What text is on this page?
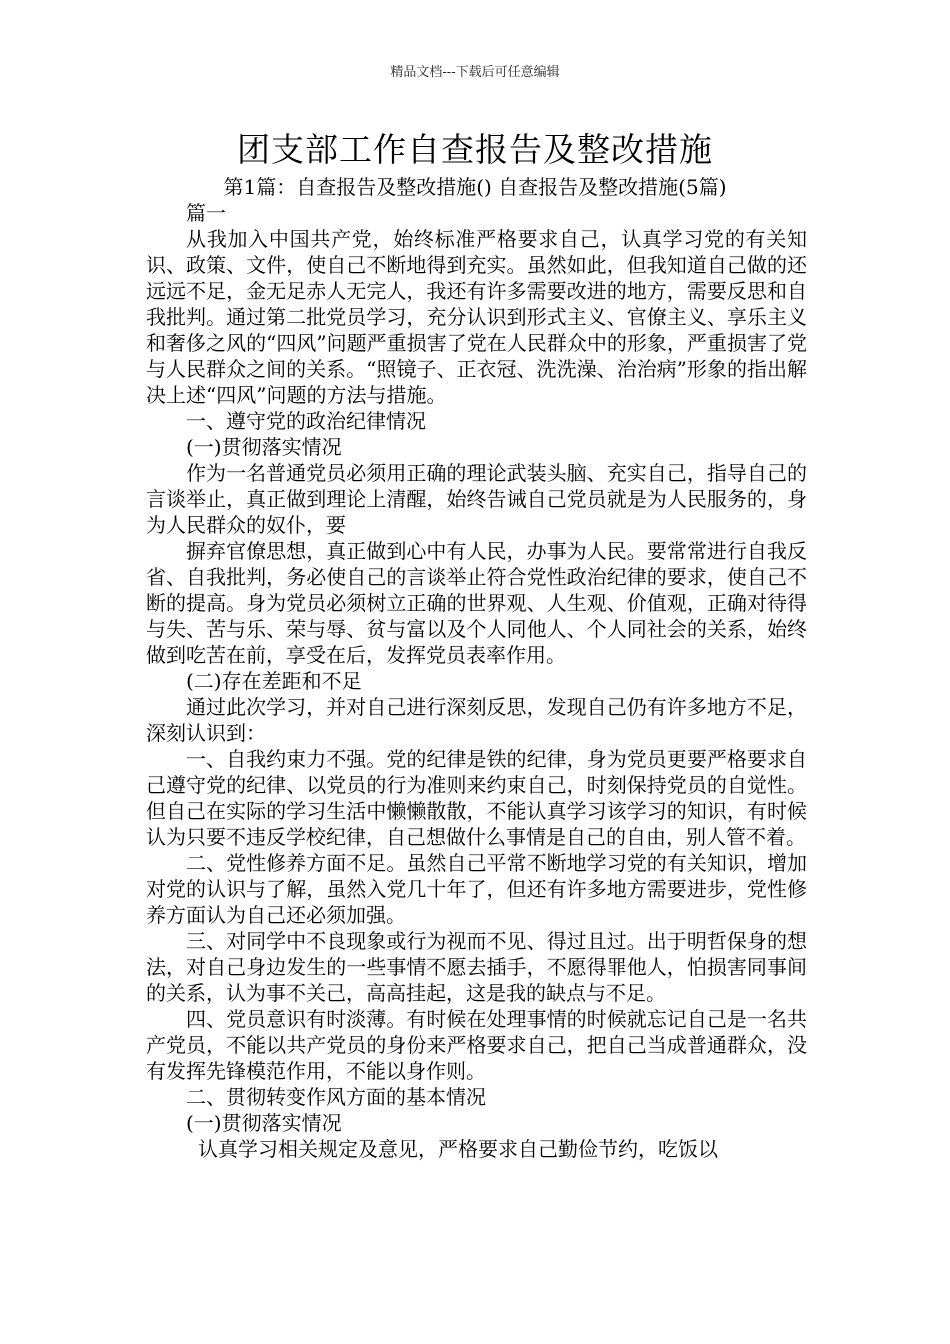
精品文档---下载后可任意编辑
团支部工作自查报告及整改措施
第1篇：自查报告及整改措施() 自查报告及整改措施(5篇)

篇一

从我加入中国共产党，始终标准严格要求自己，认真学习党的有关知识、政策、文件，使自己不断地得到充实。虽然如此，但我知道自己做的还远远不足，金无足赤人无完人，我还有许多需要改进的地方，需要反思和自我批判。通过第二批党员学习，充分认识到形式主义、官僚主义、享乐主义和奢侈之风的“四风”问题严重损害了党在人民群众中的形象，严重损害了党与人民群众之间的关系。“照镜子、正衣冠、洗洗澡、治治病”形象的指出解决上述“四风”问题的方法与措施。

一、遵守党的政治纪律情况

(一)贯彻落实情况

作为一名普通党员必须用正确的理论武装头脑、充实自己，指导自己的言谈举止，真正做到理论上清醒，始终告诫自己党员就是为人民服务的，身为人民群众的奴仆，要

摒弃官僚思想，真正做到心中有人民，办事为人民。要常常进行自我反省、自我批判，务必使自己的言谈举止符合党性政治纪律的要求，使自己不断的提高。身为党员必须树立正确的世界观、人生观、价值观，正确对待得与失、苦与乐、荣与辱、贫与富以及个人同他人、个人同社会的关系，始终做到吃苦在前，享受在后，发挥党员表率作用。

(二)存在差距和不足

通过此次学习，并对自己进行深刻反思，发现自己仍有许多地方不足，深刻认识到：

一、自我约束力不强。党的纪律是铁的纪律，身为党员更要严格要求自己遵守党的纪律、以党员的行为准则来约束自己，时刻保持党员的自觉性。但自己在实际的学习生活中懒懒散散，不能认真学习该学习的知识，有时候认为只要不违反学校纪律，自己想做什么事情是自己的自由，别人管不着。

二、党性修养方面不足。虽然自己平常不断地学习党的有关知识，增加对党的认识与了解，虽然入党几十年了，但还有许多地方需要进步，党性修养方面认为自己还必须加强。

三、对同学中不良现象或行为视而不见、得过且过。出于明哲保身的想法，对自己身边发生的一些事情不愿去插手，不愿得罪他人，怕损害同事间的关系，认为事不关己，高高挂起，这是我的缺点与不足。

四、党员意识有时淡薄。有时候在处理事情的时候就忘记自己是一名共产党员，不能以共产党员的身份来严格要求自己，把自己当成普通群众，没有发挥先锋模范作用，不能以身作则。

二、贯彻转变作风方面的基本情况

(一)贯彻落实情况

认真学习相关规定及意见，严格要求自己勤俭节约，吃饭以
